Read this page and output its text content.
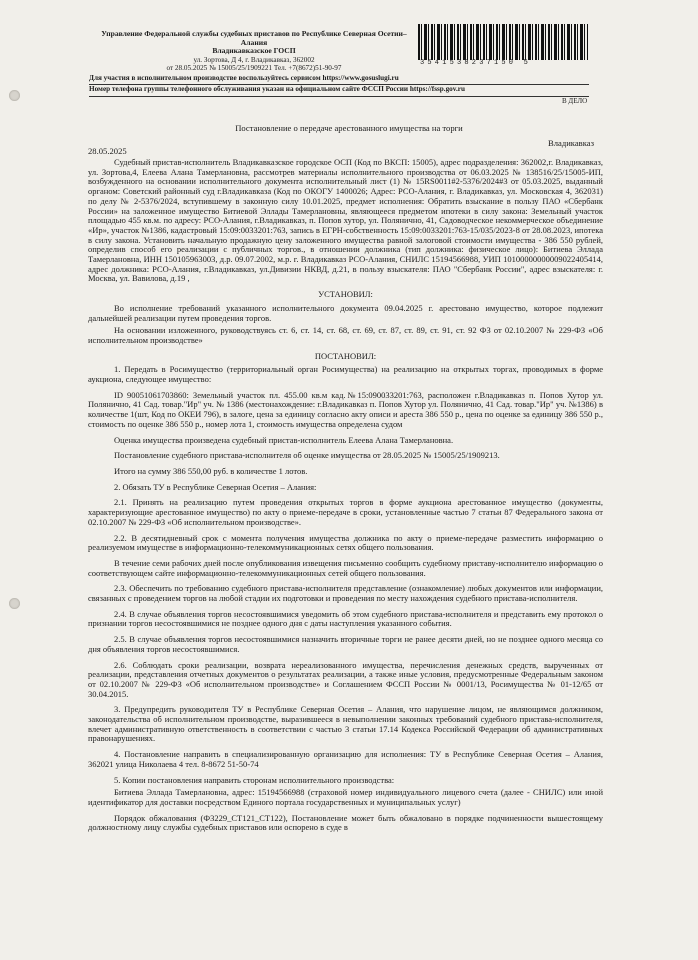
Управление Федеральной службы судебных приставов по Республике Северная Осетии–Алания
Владикавказское ГОСП
ул. Зортова, Д 4, г. Владикавказ, 362002
от 28.05.2025 № 15005/25/1909221 Тел. +7(8672)51-90-97
3541538237150 5
Для участия в исполнительном производстве воспользуйтесь сервисом https://www.gosuslugi.ru
Номер телефона группы телефонного обслуживания указан на официальном сайте ФССП России https://fssp.gov.ru
В ДЕЛО
Постановление о передаче арестованного имущества на торги
Владикавказ
28.05.2025

Судебный пристав-исполнитель Владикавказское городское ОСП (Код по ВКСП: 15005), адрес подразделения: 362002,г. Владикавказ, ул. Зортова,4, Елеева Алана Тамерлановна, рассмотрев материалы исполнительного производства от 06.03.2025 № 138516/25/15005-ИП, возбужденного на основании исполнительного документа исполнительный лист (1) № 15RS0011#2-5376/2024#3 от 05.03.2025, выданный органом: Советский районный суд г.Владикавказа (Код по ОКОГУ 1400026; Адрес: РСО-Алания, г. Владикавказ, ул. Московская 4, 362031) по делу № 2-5376/2024, вступившему в законную силу 10.01.2025, предмет исполнения: Обратить взыскание в пользу ПАО «Сбербанк России» на заложенное имущество Битиевой Эллады Тамерлановны, являющееся предметом ипотеки в силу закона: Земельный участок площадью 455 кв.м. по адресу: РСО-Алания, г.Владикавказ, п. Попов хутор, ул. Полянично, 41, Садоводческое некоммерческое объединение «Ир», участок №1386, кадастровый 15:09:0033201:763, запись в ЕГРН-собственность 15:09:0033201:763-15/035/2023-8 от 28.08.2023, ипотека в силу закона. Установить начальную продажную цену заложенного имущества равной залоговой стоимости имущества - 386 550 рублей, определив способ его реализации с публичных торгов., в отношении должника (тип должника: физическое лицо): Битиева Эллада Тамерлановна, ИНН 150105963003, д.р. 09.07.2002, м.р. г. Владикавказ РСО-Алания, СНИЛС 15194566988, УИП 10100000000009022405414, адрес должника: РСО-Алания, г.Владикавказ, ул.Дивизии НКВД, д.21, в пользу взыскателя: ПАО "Сбербанк России", адрес взыскателя: г. Москва, ул. Вавилова, д.19 ,

УСТАНОВИЛ:

Во исполнение требований указанного исполнительного документа 09.04.2025 г. арестовано имущество, которое подлежит дальнейшей реализации путем проведения торгов.

На основании изложенного, руководствуясь ст. 6, ст. 14, ст. 68, ст. 69, ст. 87, ст. 89, ст. 91, ст. 92 ФЗ от 02.10.2007 № 229-ФЗ «Об исполнительном производстве»

ПОСТАНОВИЛ:

1. Передать в Росимущество (территориальный орган Росимущества) на реализацию на открытых торгах, проводимых в форме аукциона, следующее имущество:

ID 90051061703860: Земельный участок пл. 455.00 кв.м кад.№15:090033201:763, расположен г.Владикавказ п. Попов Хутор ул. Полянично, 41 Сад. товар."Ир" уч. № 1386 (местонахождение: г.Владикавказ п. Попов Хутор ул. Полянично, 41 Сад. товар."Ир" уч. №1386) в количестве 1(шт, Код по ОКЕИ 796), в залоге, цена за единицу согласно акту описи и ареста 386 550 р., цена по оценке за единицу 386 550 р., стоимость по оценке 386 550 р., номер лота 1, стоимость имущества определена судом

Оценка имущества произведена судебный пристав-исполнитель Елеева Алана Тамерлановна.

Постановление судебного пристава-исполнителя об оценке имущества от 28.05.2025 № 15005/25/1909213.

Итого на сумму 386 550,00 руб. в количестве 1 лотов.

2. Обязать ТУ в Республике Северная Осетия – Алания:

2.1. Принять на реализацию путем проведения открытых торгов в форме аукциона арестованное имущество (документы, характеризующие арестованное имущество) по акту о приеме-передаче в сроки, установленные частью 7 статьи 87 Федерального закона от 02.10.2007 № 229-ФЗ «Об исполнительном производстве».

2.2. В десятидневный срок с момента получения имущества должника по акту о приеме-передаче разместить информацию о реализуемом имуществе в информационно-телекоммуникационных сетях общего пользования.

В течение семи рабочих дней после опубликования извещения письменно сообщить судебному приставу-исполнителю информацию о соответствующем сайте информационно-телекоммуникационных сетей общего пользования.

2.3. Обеспечить по требованию судебного пристава-исполнителя представление (ознакомление) любых документов или информации, связанных с проведением торгов на любой стадии их подготовки и проведения по месту нахождения судебного пристава-исполнителя.

2.4. В случае объявления торгов несостоявшимися уведомить об этом судебного пристава-исполнителя и представить ему протокол о признании торгов несостоявшимися не позднее одного дня с даты наступления указанного события.

2.5. В случае объявления торгов несостоявшимися назначить вторичные торги не ранее десяти дней, но не позднее одного месяца со дня объявления торгов несостоявшимися.

2.6. Соблюдать сроки реализации, возврата нереализованного имущества, перечисления денежных средств, вырученных от реализации, представления отчетных документов о результатах реализации, а также иные условия, предусмотренные Федеральным законом от 02.10.2007 № 229-ФЗ «Об исполнительном производстве» и Соглашением ФССП России № 0001/13, Росимущества № 01-12/65 от 30.04.2015.

3. Предупредить руководителя ТУ в Республике Северная Осетия – Алания, что нарушение лицом, не являющимся должником, законодательства об исполнительном производстве, выразившееся в невыполнении законных требований судебного пристава-исполнителя, влечет административную ответственность в соответствии с частью 3 статьи 17.14 Кодекса Российской Федерации об административных правонарушениях.

4. Постановление направить в специализированную организацию для исполнения: ТУ в Республике Северная Осетия – Алания, 362021 улица Николаева 4 тел. 8-8672 51-50-74

5. Копии постановления направить сторонам исполнительного производства:

Битиева Эллада Тамерлановна, адрес: 15194566988 (страховой номер индивидуального лицевого счета (далее - СНИЛС) или иной идентификатор для доставки посредством Единого портала государственных и муниципальных услуг)

Порядок обжалования (Ф3229_СТ121_СТ122), Постановление может быть обжаловано в порядке подчиненности вышестоящему должностному лицу службы судебных приставов или оспорено в суде в
